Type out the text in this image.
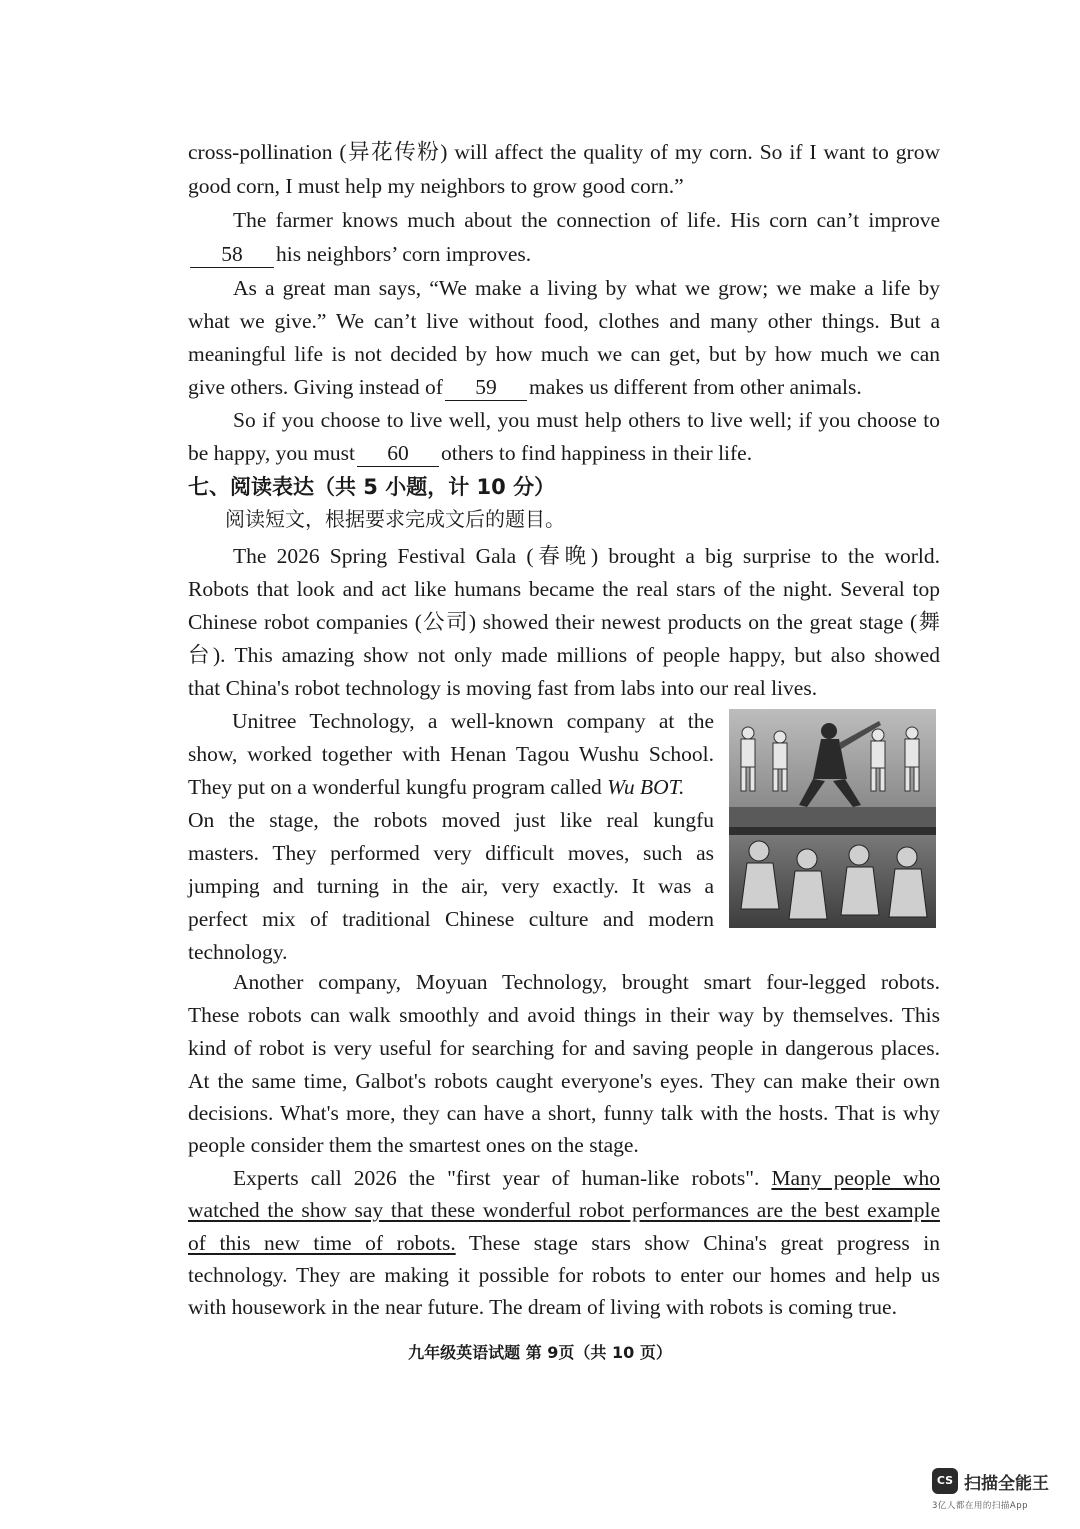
cross-pollination (异花传粉) will affect the quality of my corn. So if I want to grow
good corn, I must help my neighbors to grow good corn.”
The farmer knows much about the connection of life. His corn can’t improve
58 his neighbors’ corn improves.
As a great man says, “We make a living by what we grow; we make a life by
what we give.” We can’t live without food, clothes and many other things. But a
meaningful life is not decided by how much we can get, but by how much we can
give others. Giving instead of 59 makes us different from other animals.
So if you choose to live well, you must help others to live well; if you choose to
be happy, you must 60 others to find happiness in their life.
七、阅读表达（共 5 小题，计 10 分）
阅读短文，根据要求完成文后的题目。
The 2026 Spring Festival Gala (春晚) brought a big surprise to the world.
Robots that look and act like humans became the real stars of the night. Several top
Chinese robot companies (公司) showed their newest products on the great stage (舞
台). This amazing show not only made millions of people happy, but also showed
that China's robot technology is moving fast from labs into our real lives.
Unitree Technology, a well-known company at the
show, worked together with Henan Tagou Wushu School.
They put on a wonderful kungfu program called Wu BOT.
On the stage, the robots moved just like real kungfu
masters. They performed very difficult moves, such as
jumping and turning in the air, very exactly. It was a
perfect mix of traditional Chinese culture and modern
technology.
Another company, Moyuan Technology, brought smart four-legged robots.
These robots can walk smoothly and avoid things in their way by themselves. This
kind of robot is very useful for searching for and saving people in dangerous places.
At the same time, Galbot's robots caught everyone's eyes. They can make their own
decisions. What's more, they can have a short, funny talk with the hosts. That is why
people consider them the smartest ones on the stage.
Experts call 2026 the "first year of human-like robots". Many people who
watched the show say that these wonderful robot performances are the best example
of this new time of robots. These stage stars show China's great progress in
technology. They are making it possible for robots to enter our homes and help us
with housework in the near future. The dream of living with robots is coming true.
九年级英语试题 第 9页（共 10 页）
CS 扫描全能王
3亿人都在用的扫描App
